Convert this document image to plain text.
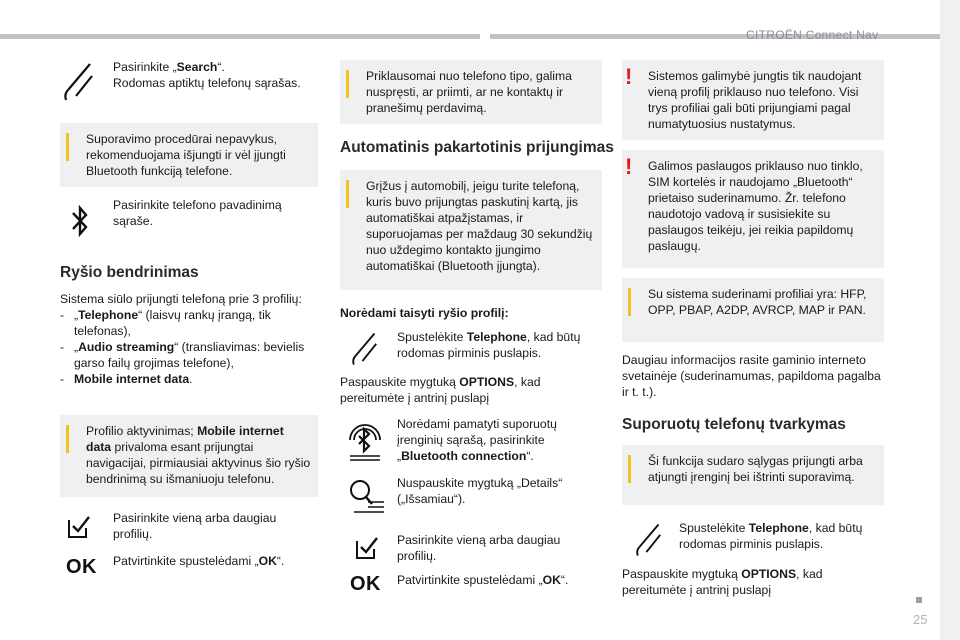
CITROËN Connect Nav
25
Pasirinkite „Search“.
Rodomas aptiktų telefonų sąrašas.
Suporavimo procedūrai nepavykus, rekomenduojama išjungti ir vėl įjungti Bluetooth funkciją telefone.
Pasirinkite telefono pavadinimą sąraše.
Ryšio bendrinimas
Sistema siūlo prijungti telefoną prie 3 profilių:
- „Telephone“ (laisvų rankų įrangą, tik telefonas),
- „Audio streaming“ (transliavimas: bevielis garso failų grojimas telefone),
- Mobile internet data.
Profilio aktyvinimas; Mobile internet data privaloma esant prijungtai navigacijai, pirmiausiai aktyvinus šio ryšio bendrinimą su išmaniuoju telefonu.
Pasirinkite vieną arba daugiau profilių.
OK Patvirtinkite spustelėdami „OK“.
Priklausomai nuo telefono tipo, galima nuspręsti, ar priimti, ar ne kontaktų ir pranešimų perdavimą.
Automatinis pakartotinis prijungimas
Grįžus į automobilį, jeigu turite telefoną, kuris buvo prijungtas paskutinį kartą, jis automatiškai atpažįstamas, ir suporuojamas per maždaug 30 sekundžių nuo uždegimo kontakto įjungimo automatiškai (Bluetooth įjungta).
Norėdami taisyti ryšio profilį:
Spustelėkite Telephone, kad būtų rodomas pirminis puslapis.
Paspauskite mygtuką OPTIONS, kad pereitumėte į antrinį puslapį
Norėdami pamatyti suporuotų įrenginių sąrašą, pasirinkite „Bluetooth connection“.
Nuspauskite mygtuką „Details“ („Išsamiau“).
Pasirinkite vieną arba daugiau profilių.
OK Patvirtinkite spustelėdami „OK“.
! Sistemos galimybė jungtis tik naudojant vieną profilį priklauso nuo telefono. Visi trys profiliai gali būti prijungiami pagal numatytuosius nustatymus.
! Galimos paslaugos priklauso nuo tinklo, SIM kortelės ir naudojamo „Bluetooth“ prietaiso suderinamumo. Žr. telefono naudotojo vadovą ir susisiekite su paslaugos teikėju, jei reikia papildomų paslaugų.
Su sistema suderinami profiliai yra: HFP, OPP, PBAP, A2DP, AVRCP, MAP ir PAN.
Daugiau informacijos rasite gaminio interneto svetainėje (suderinamumas, papildoma pagalba ir t. t.).
Suporuotų telefonų tvarkymas
Ši funkcija sudaro sąlygas prijungti arba atjungti įrenginį bei ištrinti suporavimą.
Spustelėkite Telephone, kad būtų rodomas pirminis puslapis.
Paspauskite mygtuką OPTIONS, kad pereitumėte į antrinį puslapį
